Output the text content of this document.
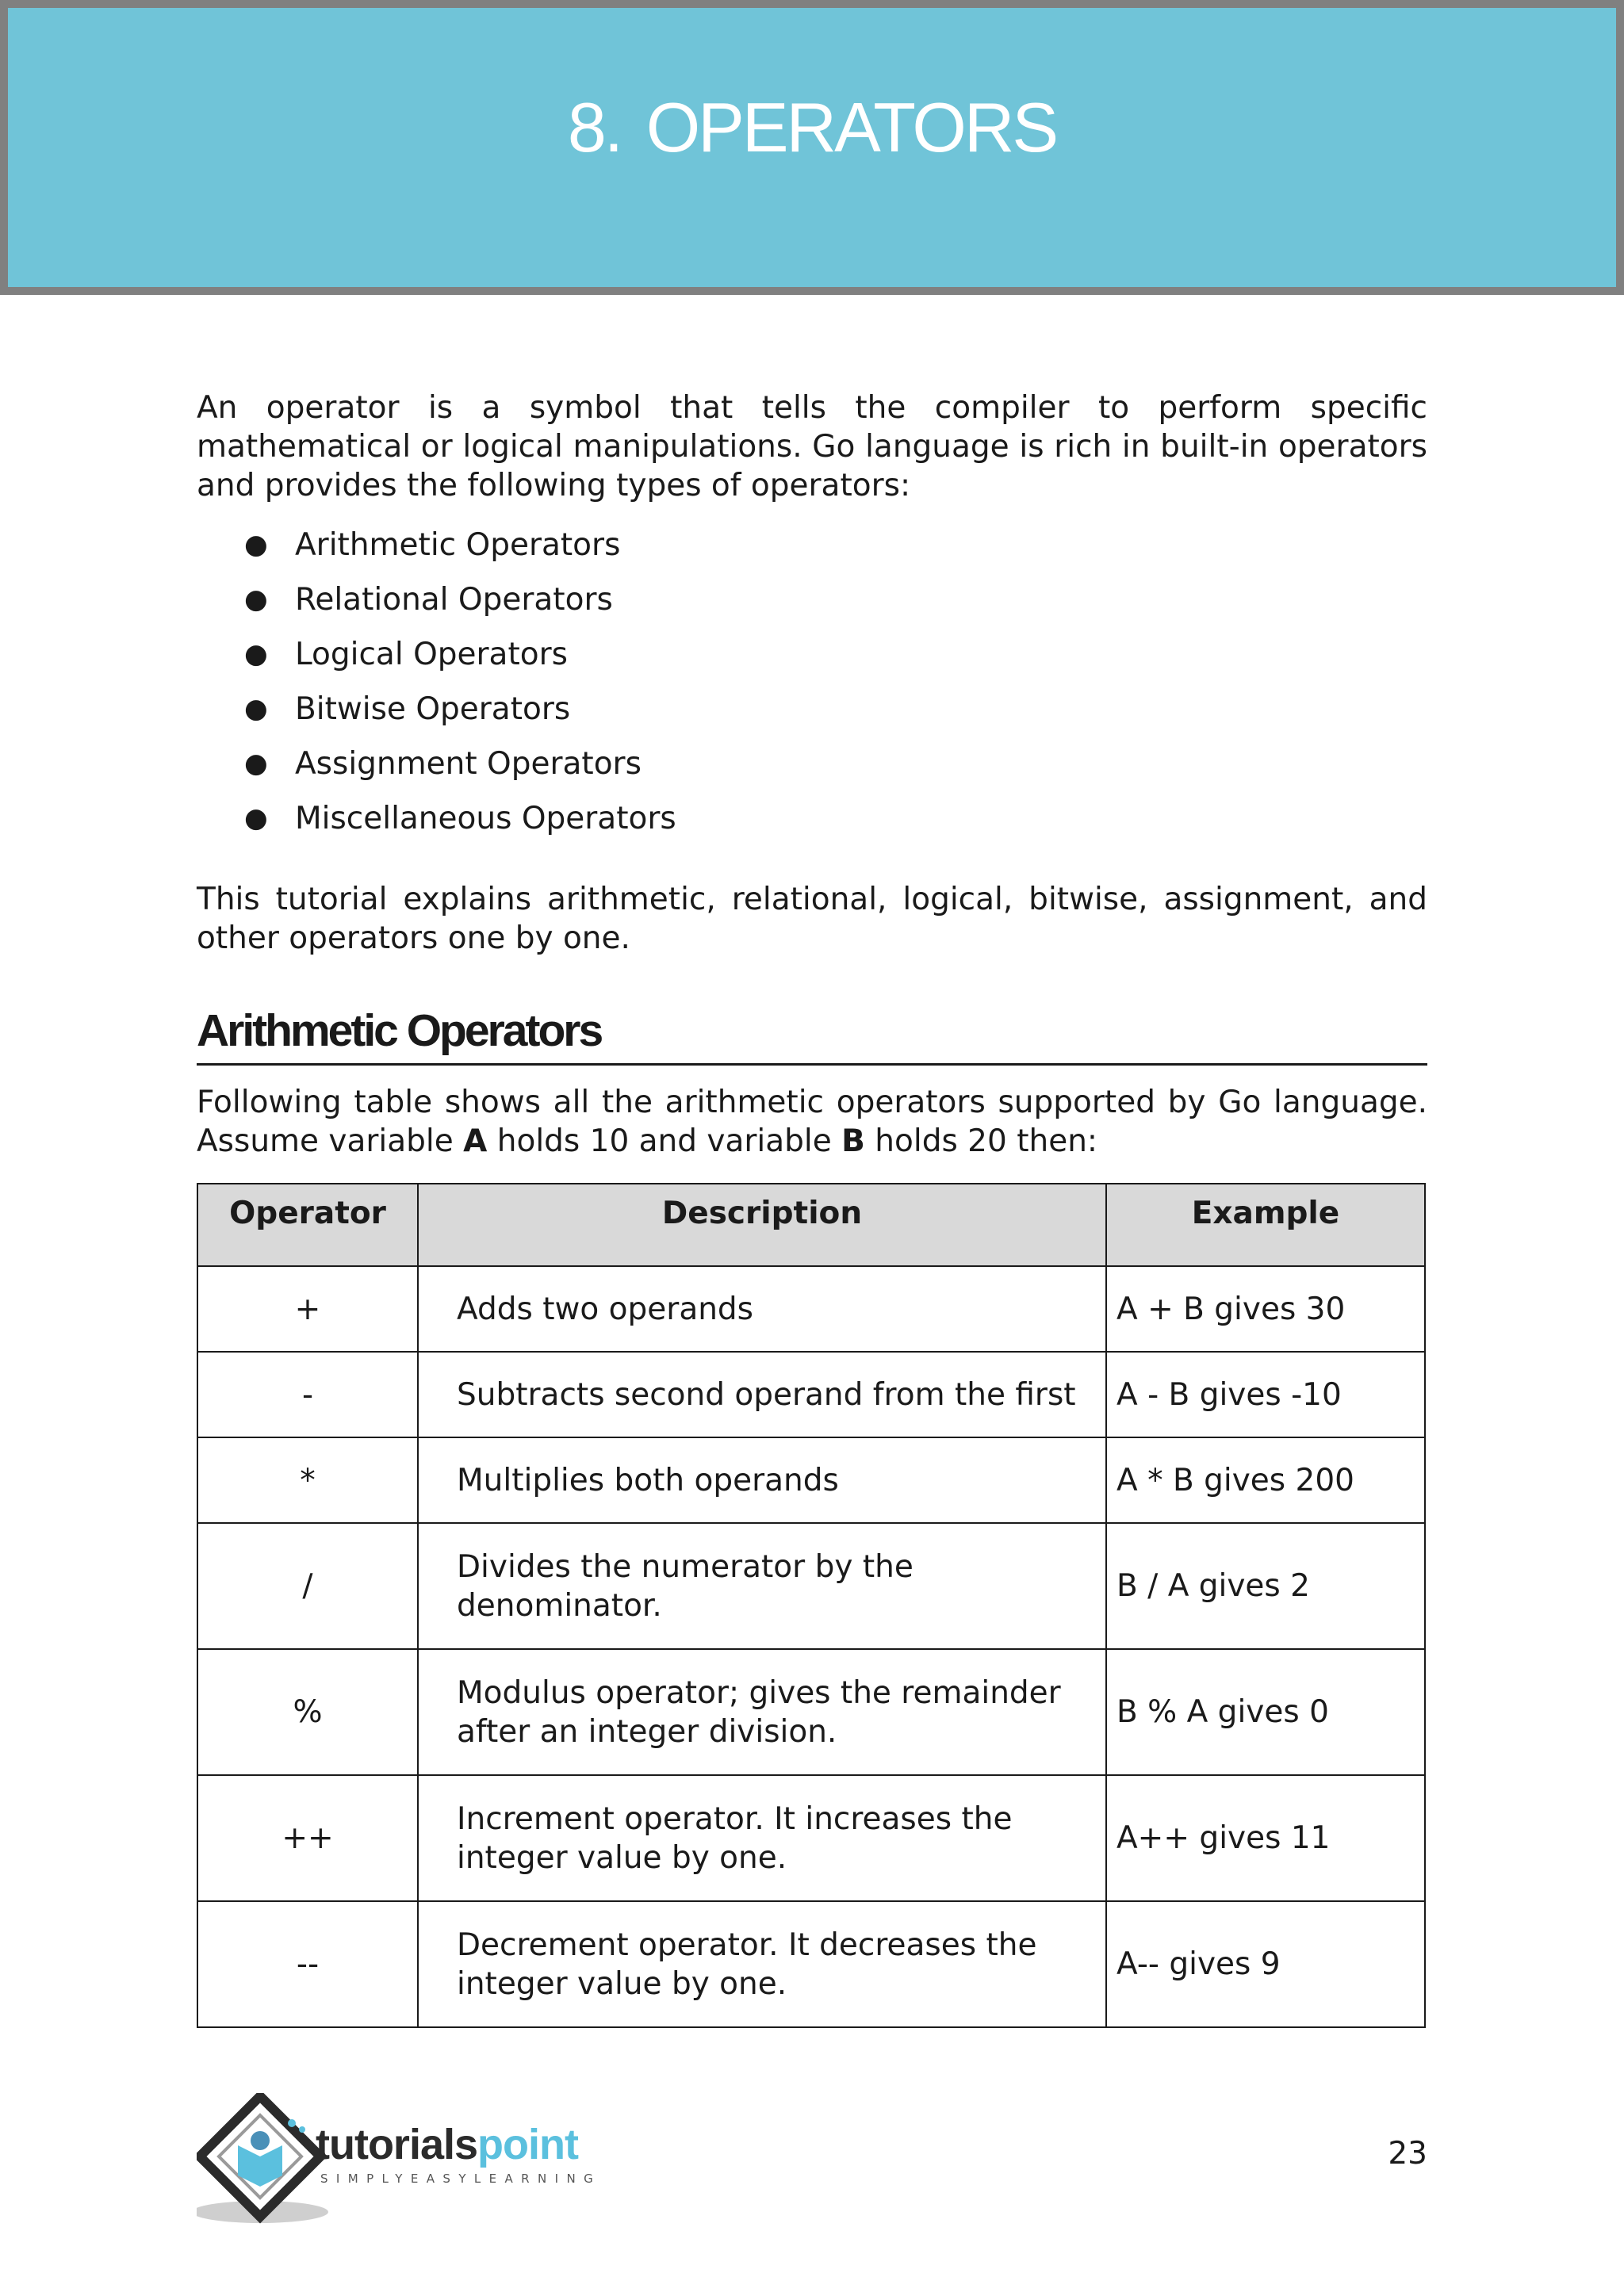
8. OPERATORS

An operator is a symbol that tells the compiler to perform specific mathematical or logical manipulations. Go language is rich in built-in operators and provides the following types of operators:

● Arithmetic Operators
● Relational Operators
● Logical Operators
● Bitwise Operators
● Assignment Operators
● Miscellaneous Operators

This tutorial explains arithmetic, relational, logical, bitwise, assignment, and other operators one by one.

Arithmetic Operators

Following table shows all the arithmetic operators supported by Go language. Assume variable A holds 10 and variable B holds 20 then:

Operator	Description	Example
+	Adds two operands	A + B gives 30
-	Subtracts second operand from the first	A - B gives -10
*	Multiplies both operands	A * B gives 200
/	Divides the numerator by the denominator.	B / A gives 2
%	Modulus operator; gives the remainder after an integer division.	B % A gives 0
++	Increment operator. It increases the integer value by one.	A++ gives 11
--	Decrement operator. It decreases the integer value by one.	A-- gives 9
tutorialspoint
SIMPLYEASYLEARNING
23
